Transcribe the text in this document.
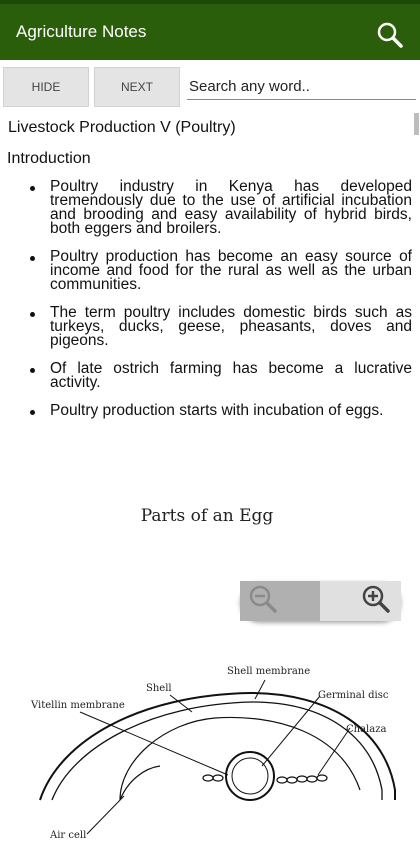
Agriculture Notes
HIDE	NEXT
Search any word..
Livestock Production V (Poultry)
Introduction
Poultry industry in Kenya has developed tremendously due to the use of artificial incubation and brooding and easy availability of hybrid birds, both eggers and broilers.
Poultry production has become an easy source of income and food for the rural as well as the urban communities.
The term poultry includes domestic birds such as turkeys, ducks, geese, pheasants, doves and pigeons.
Of late ostrich farming has become a lucrative activity.
Poultry production starts with incubation of eggs.
Parts of an Egg
Shell membrane
Shell
Germinal disc
Vitellin membrane
Chalaza
Air cell
